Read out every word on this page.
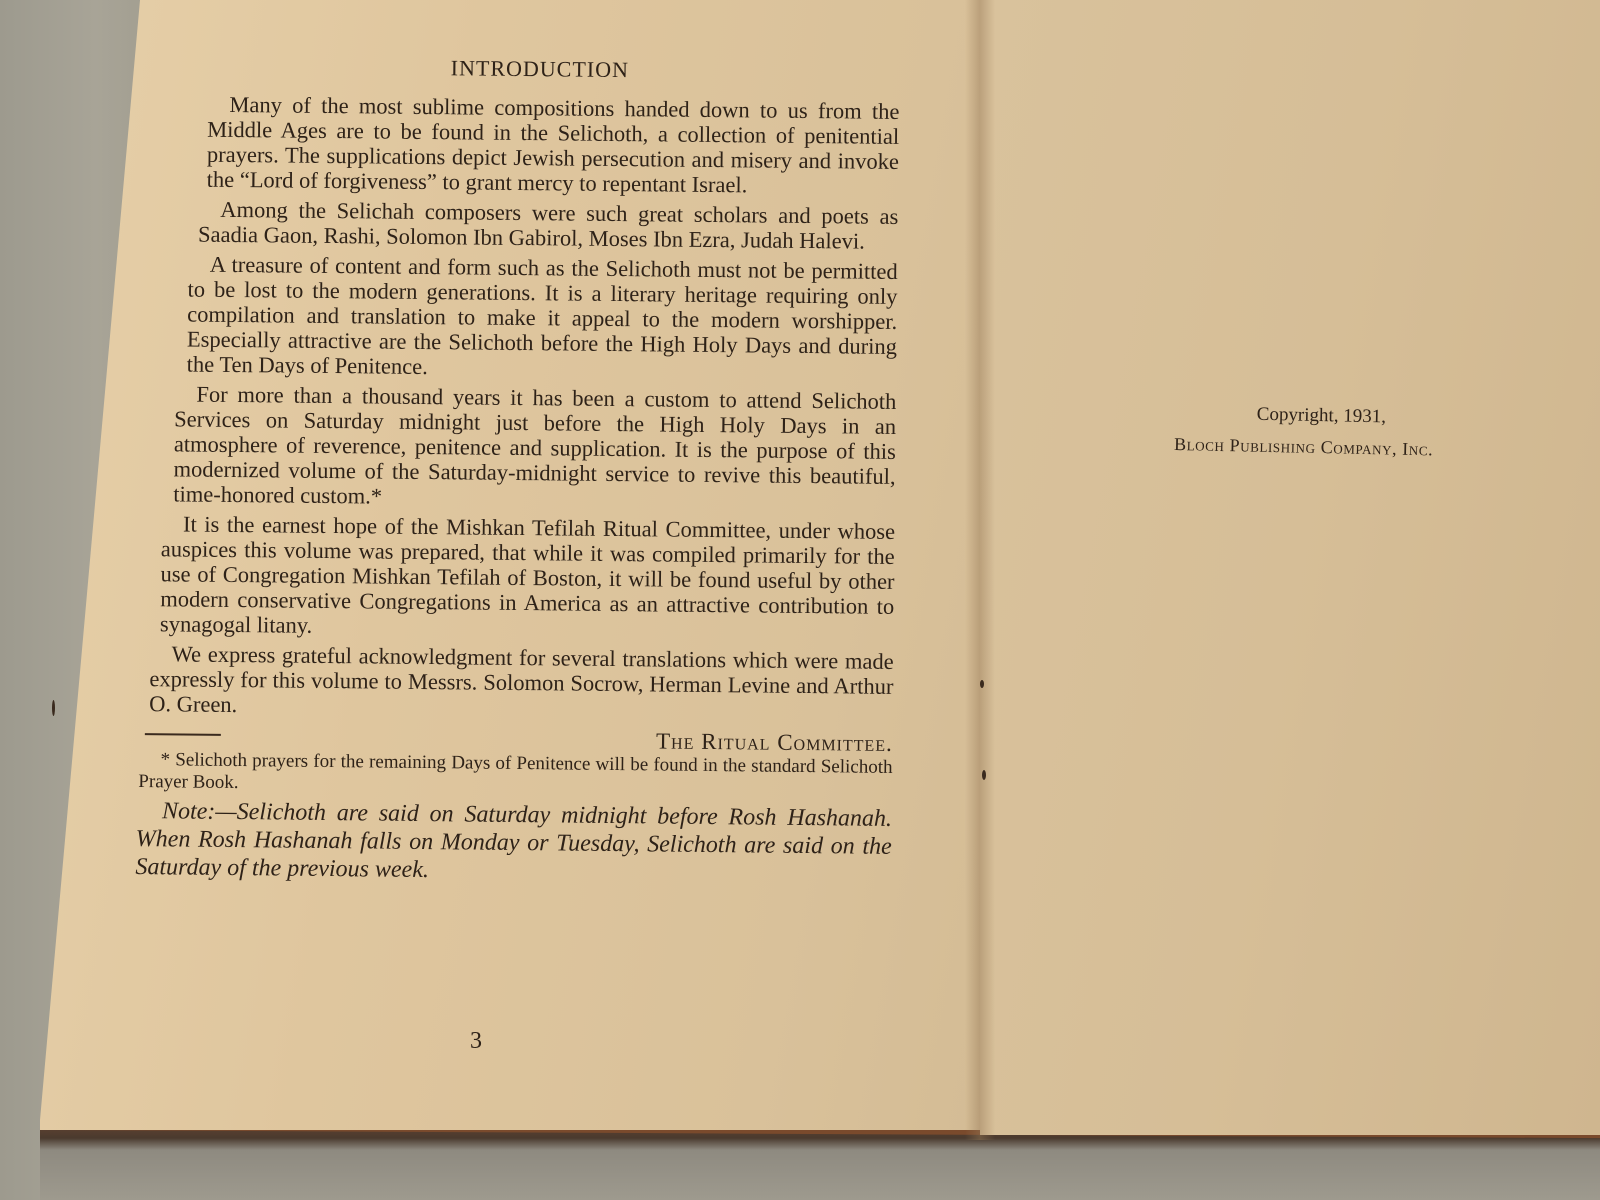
INTRODUCTION

Many of the most sublime compositions handed down to us from the Middle Ages are to be found in the Selichoth, a collection of penitential prayers. The supplications depict Jewish persecution and misery and invoke the “Lord of forgiveness” to grant mercy to repentant Israel.

Among the Selichah composers were such great scholars and poets as Saadia Gaon, Rashi, Solomon Ibn Gabirol, Moses Ibn Ezra, Judah Halevi.

A treasure of content and form such as the Selichoth must not be permitted to be lost to the modern generations. It is a literary heritage requiring only compilation and translation to make it appeal to the modern worshipper. Especially attractive are the Selichoth before the High Holy Days and during the Ten Days of Penitence.

For more than a thousand years it has been a custom to attend Selichoth Services on Saturday midnight just before the High Holy Days in an atmosphere of reverence, penitence and supplication. It is the purpose of this modernized volume of the Saturday-midnight service to revive this beautiful, time-honored custom.*

It is the earnest hope of the Mishkan Tefilah Ritual Committee, under whose auspices this volume was prepared, that while it was compiled primarily for the use of Congregation Mishkan Tefilah of Boston, it will be found useful by other modern conservative Congregations in America as an attractive contribution to synagogal litany.

We express grateful acknowledgment for several translations which were made expressly for this volume to Messrs. Solomon Socrow, Herman Levine and Arthur O. Green.

The Ritual Committee.
* Selichoth prayers for the remaining Days of Penitence will be found in the standard Selichoth Prayer Book.
Note:—Selichoth are said on Saturday midnight before Rosh Hashanah. When Rosh Hashanah falls on Monday or Tuesday, Selichoth are said on the Saturday of the previous week.
3
Copyright, 1931,
Bloch Publishing Company, Inc.
